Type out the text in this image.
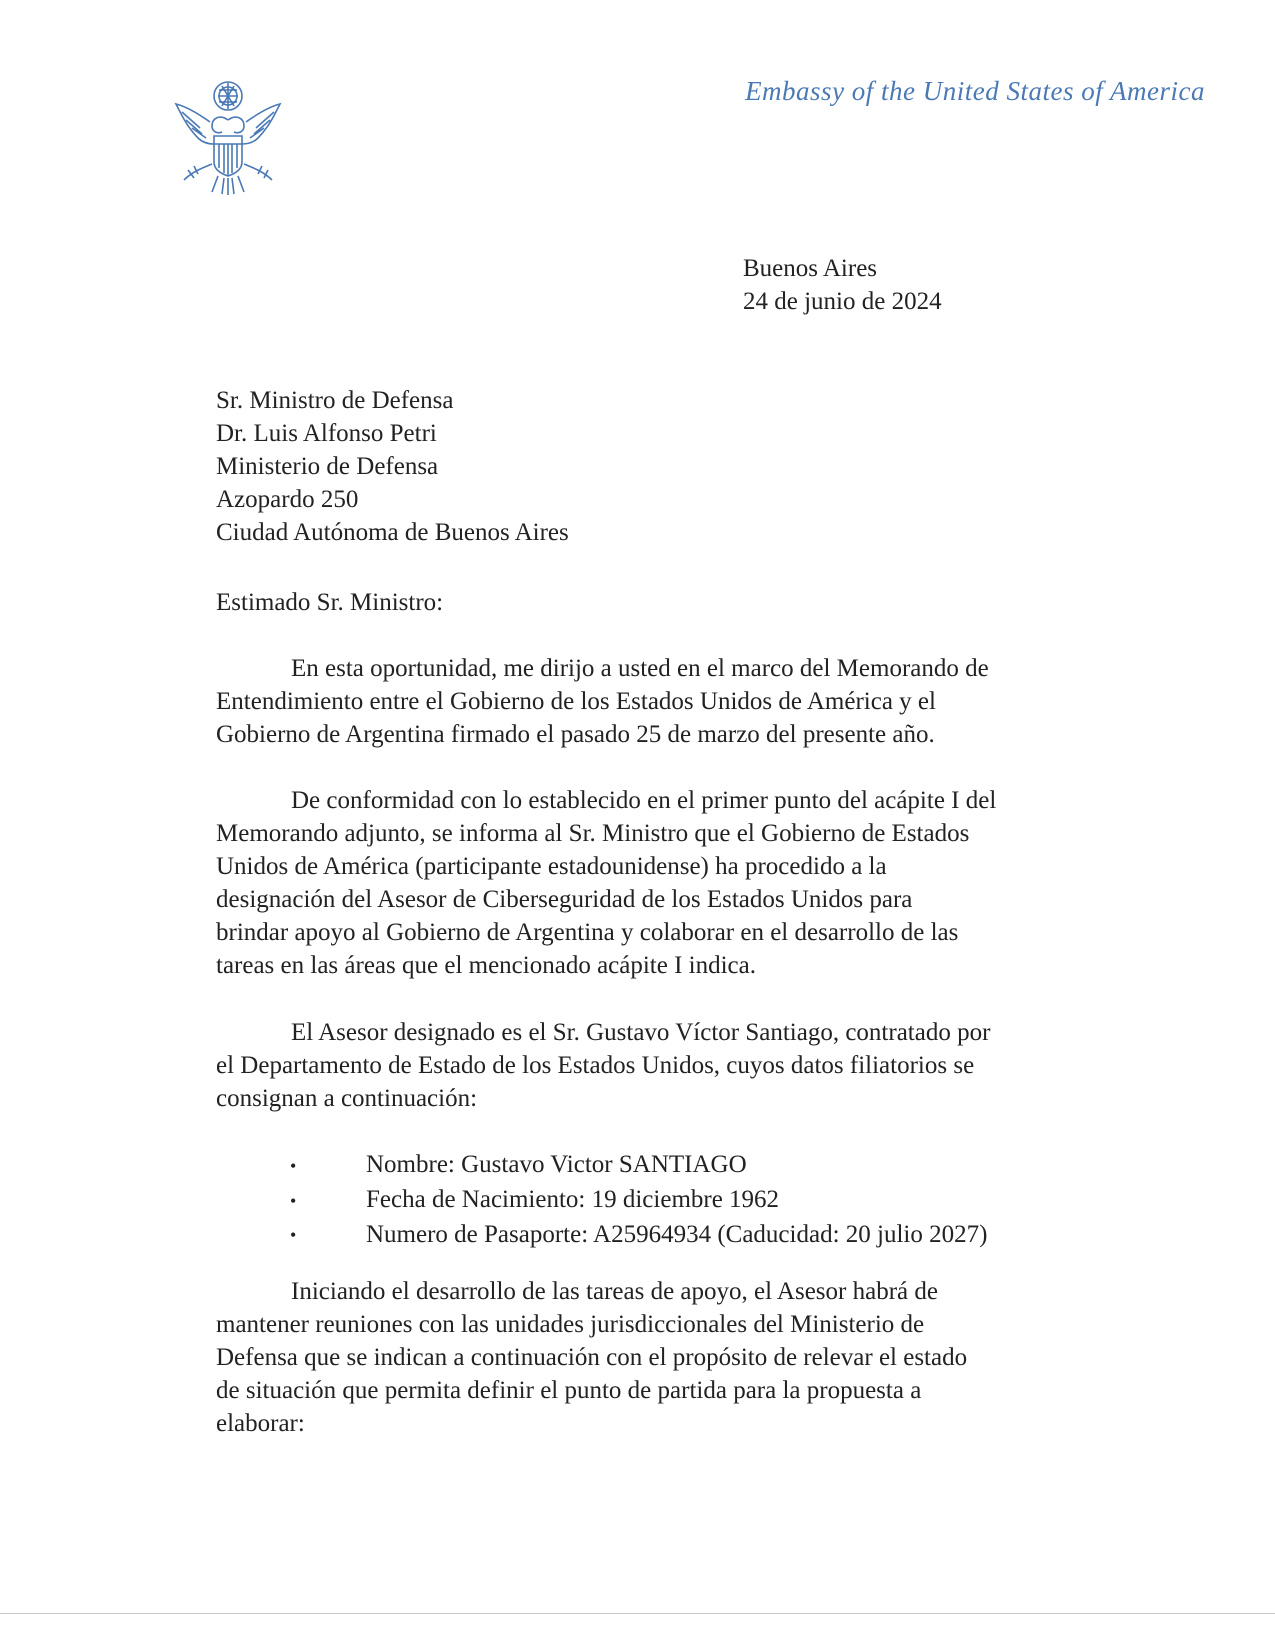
Embassy of the United States of America
Buenos Aires
24 de junio de 2024
Sr. Ministro de Defensa
Dr. Luis Alfonso Petri
Ministerio de Defensa
Azopardo 250
Ciudad Autónoma de Buenos Aires
Estimado Sr. Ministro:
En esta oportunidad, me dirijo a usted en el marco del Memorando de
Entendimiento entre el Gobierno de los Estados Unidos de América y el
Gobierno de Argentina firmado el pasado 25 de marzo del presente año.
De conformidad con lo establecido en el primer punto del acápite I del
Memorando adjunto, se informa al Sr. Ministro que el Gobierno de Estados
Unidos de América (participante estadounidense) ha procedido a la
designación del Asesor de Ciberseguridad de los Estados Unidos para
brindar apoyo al Gobierno de Argentina y colaborar en el desarrollo de las
tareas en las áreas que el mencionado acápite I indica.
El Asesor designado es el Sr. Gustavo Víctor Santiago, contratado por
el Departamento de Estado de los Estados Unidos, cuyos datos filiatorios se
consignan a continuación:
•	Nombre: Gustavo Victor SANTIAGO
•	Fecha de Nacimiento: 19 diciembre 1962
•	Numero de Pasaporte: A25964934 (Caducidad: 20 julio 2027)
Iniciando el desarrollo de las tareas de apoyo, el Asesor habrá de
mantener reuniones con las unidades jurisdiccionales del Ministerio de
Defensa que se indican a continuación con el propósito de relevar el estado
de situación que permita definir el punto de partida para la propuesta a
elaborar:
